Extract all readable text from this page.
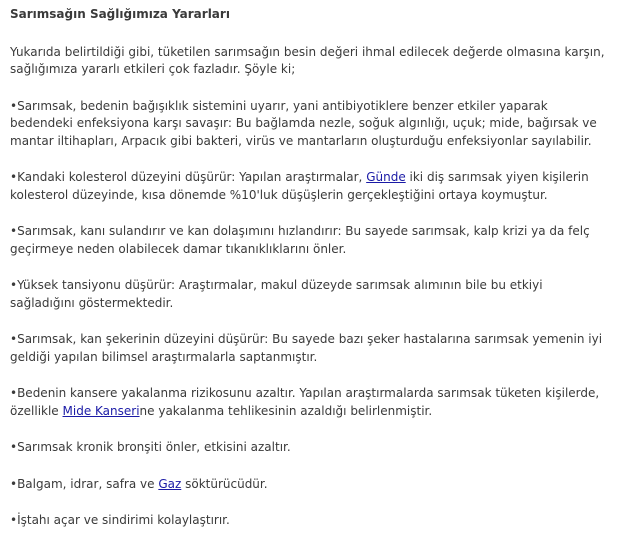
Sarımsağın Sağlığımıza Yararları
Yukarıda belirtildiği gibi, tüketilen sarımsağın besin değeri ihmal edilecek değerde olmasına karşın, sağlığımıza yararlı etkileri çok fazladır. Şöyle ki;
•Sarımsak, bedenin bağışıklık sistemini uyarır, yani antibiyotiklere benzer etkiler yaparak bedendeki enfeksiyona karşı savaşır: Bu bağlamda nezle, soğuk algınlığı, uçuk; mide, bağırsak ve mantar iltihapları, Arpacık gibi bakteri, virüs ve mantarların oluşturduğu enfeksiyonlar sayılabilir.
•Kandaki kolesterol düzeyini düşürür: Yapılan araştırmalar, Günde iki diş sarımsak yiyen kişilerin kolesterol düzeyinde, kısa dönemde %10'luk düşüşlerin gerçekleştiğini ortaya koymuştur.
•Sarımsak, kanı sulandırır ve kan dolaşımını hızlandırır: Bu sayede sarımsak, kalp krizi ya da felç geçirmeye neden olabilecek damar tıkanıklıklarını önler.
•Yüksek tansiyonu düşürür: Araştırmalar, makul düzeyde sarımsak alımının bile bu etkiyi sağladığını göstermektedir.
•Sarımsak, kan şekerinin düzeyini düşürür: Bu sayede bazı şeker hastalarına sarımsak yemenin iyi geldiği yapılan bilimsel araştırmalarla saptanmıştır.
•Bedenin kansere yakalanma rizikosunu azaltır. Yapılan araştırmalarda sarımsak tüketen kişilerde, özellikle Mide Kanserine yakalanma tehlikesinin azaldığı belirlenmiştir.
•Sarımsak kronik bronşiti önler, etkisini azaltır.
•Balgam, idrar, safra ve Gaz söktürücüdür.
•İştahı açar ve sindirimi kolaylaştırır.
